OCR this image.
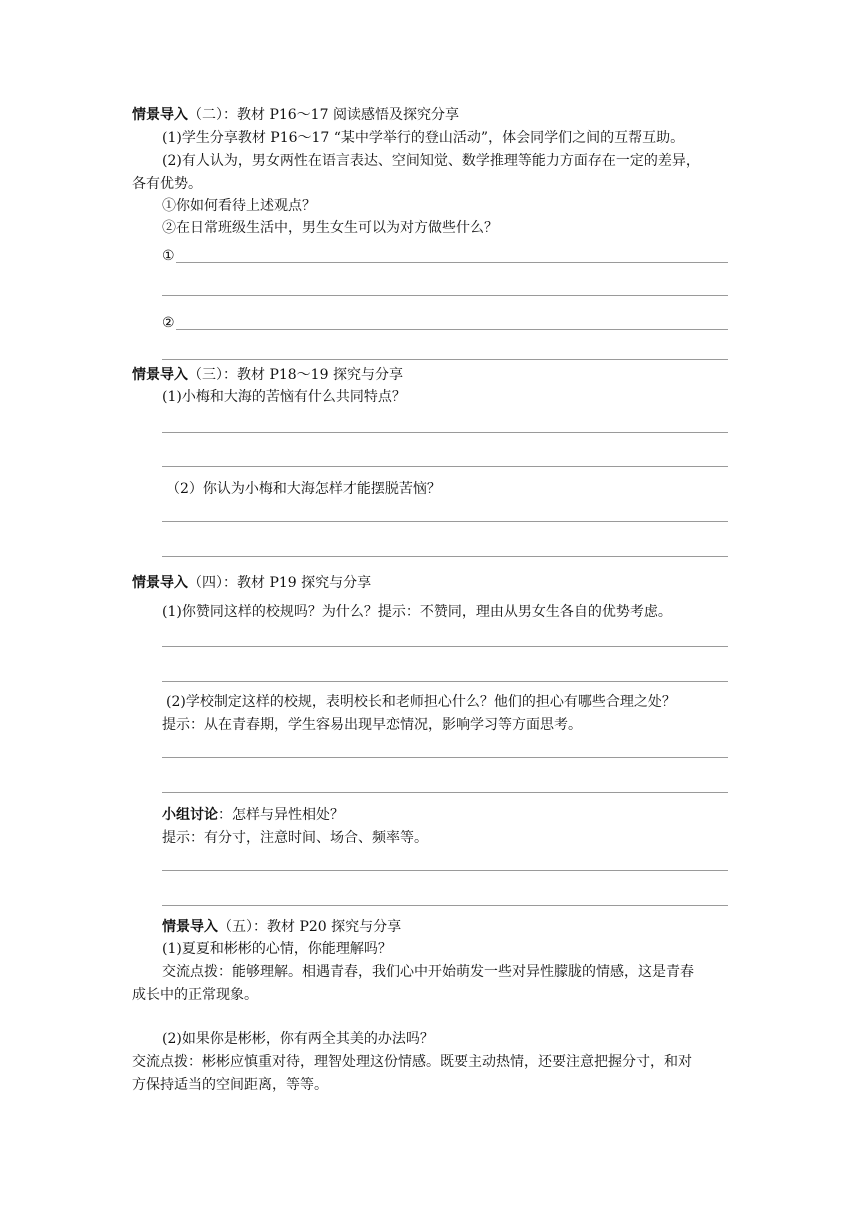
情景导入（二）：教材 P16～17 阅读感悟及探究分享
(1)学生分享教材 P16～17 “某中学举行的登山活动”，体会同学们之间的互帮互助。
(2)有人认为，男女两性在语言表达、空间知觉、数学推理等能力方面存在一定的差异，
各有优势。
①你如何看待上述观点？
②在日常班级生活中，男生女生可以为对方做些什么？
①
②
情景导入（三）：教材 P18～19 探究与分享
(1)小梅和大海的苦恼有什么共同特点？
（2）你认为小梅和大海怎样才能摆脱苦恼？
情景导入（四）：教材 P19 探究与分享
(1)你赞同这样的校规吗？为什么？提示：不赞同，理由从男女生各自的优势考虑。
(2)学校制定这样的校规，表明校长和老师担心什么？他们的担心有哪些合理之处？
提示：从在青春期，学生容易出现早恋情况，影响学习等方面思考。
小组讨论：怎样与异性相处？
提示：有分寸，注意时间、场合、频率等。
情景导入（五）：教材 P20 探究与分享
(1)夏夏和彬彬的心情，你能理解吗？
交流点拨：能够理解。相遇青春，我们心中开始萌发一些对异性朦胧的情感，这是青春
成长中的正常现象。
(2)如果你是彬彬，你有两全其美的办法吗？
交流点拨：彬彬应慎重对待，理智处理这份情感。既要主动热情，还要注意把握分寸，和对
方保持适当的空间距离，等等。
